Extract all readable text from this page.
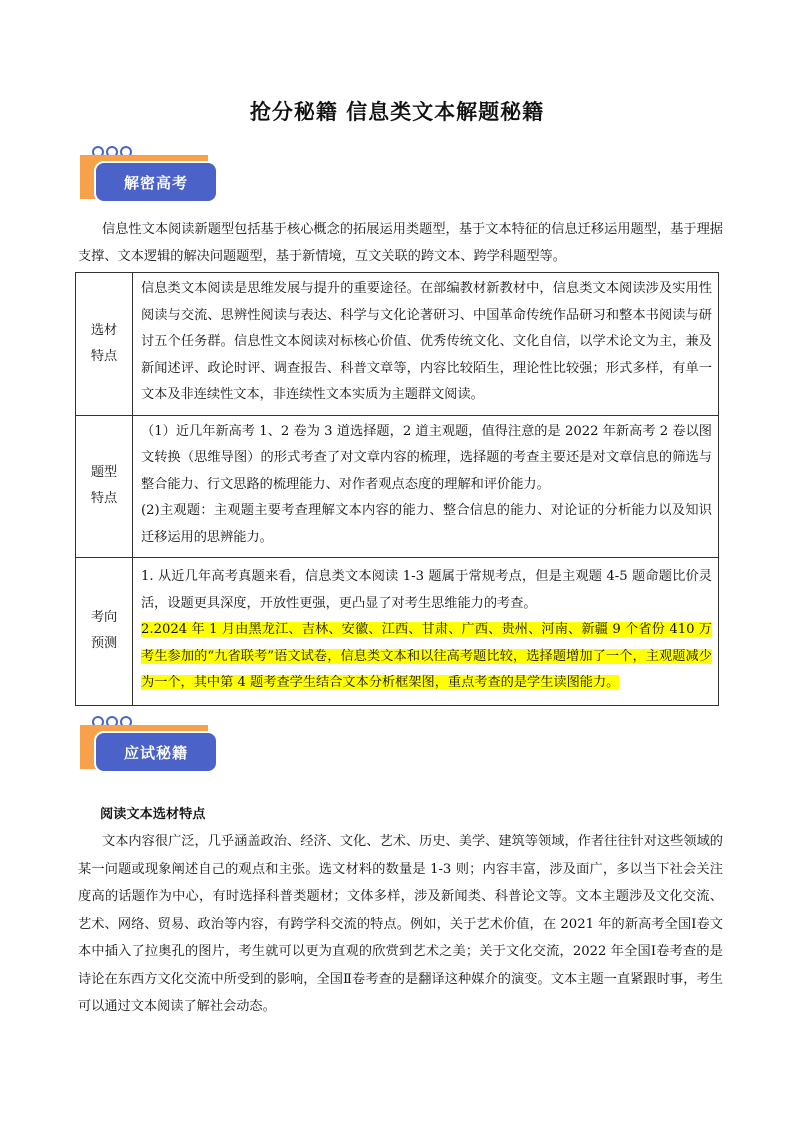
抢分秘籍 信息类文本解题秘籍
解密高考
信息性文本阅读新题型包括基于核心概念的拓展运用类题型，基于文本特征的信息迁移运用题型，基于理据支撑、文本逻辑的解决问题题型，基于新情境，互文关联的跨文本、跨学科题型等。
选材特点	信息类文本阅读是思维发展与提升的重要途径。在部编教材新教材中，信息类文本阅读涉及实用性阅读与交流、思辨性阅读与表达、科学与文化论著研习、中国革命传统作品研习和整本书阅读与研讨五个任务群。信息性文本阅读对标核心价值、优秀传统文化、文化自信，以学术论文为主，兼及新闻述评、政论时评、调查报告、科普文章等，内容比较陌生，理论性比较强；形式多样，有单一文本及非连续性文本，非连续性文本实质为主题群文阅读。

题型特点	（1）近几年新高考 1、2 卷为 3 道选择题，2 道主观题，值得注意的是 2022 年新高考 2 卷以图文转换（思维导图）的形式考查了对文章内容的梳理，选择题的考查主要还是对文章信息的筛选与整合能力、行文思路的梳理能力、对作者观点态度的理解和评价能力。
(2)主观题：主观题主要考查理解文本内容的能力、整合信息的能力、对论证的分析能力以及知识迁移运用的思辨能力。

考向预测	1. 从近几年高考真题来看，信息类文本阅读 1-3 题属于常规考点，但是主观题 4-5 题命题比价灵活，设题更具深度，开放性更强，更凸显了对考生思维能力的考查。
2.2024 年 1 月由黑龙江、吉林、安徽、江西、甘肃、广西、贵州、河南、新疆 9 个省份 410 万考生参加的“九省联考”语文试卷，信息类文本和以往高考题比较，选择题增加了一个，主观题减少为一个，其中第 4 题考查学生结合文本分析框架图，重点考查的是学生读图能力。
应试秘籍
阅读文本选材特点
文本内容很广泛，几乎涵盖政治、经济、文化、艺术、历史、美学、建筑等领域，作者往往针对这些领域的某一问题或现象阐述自己的观点和主张。选文材料的数量是 1-3 则；内容丰富，涉及面广，多以当下社会关注度高的话题作为中心，有时选择科普类题材；文体多样，涉及新闻类、科普论文等。文本主题涉及文化交流、艺术、网络、贸易、政治等内容，有跨学科交流的特点。例如，关于艺术价值，在 2021 年的新高考全国Ⅰ卷文本中插入了拉奥孔的图片，考生就可以更为直观的欣赏到艺术之美；关于文化交流，2022 年全国Ⅰ卷考查的是诗论在东西方文化交流中所受到的影响，全国Ⅱ卷考查的是翻译这种媒介的演变。文本主题一直紧跟时事，考生可以通过文本阅读了解社会动态。
